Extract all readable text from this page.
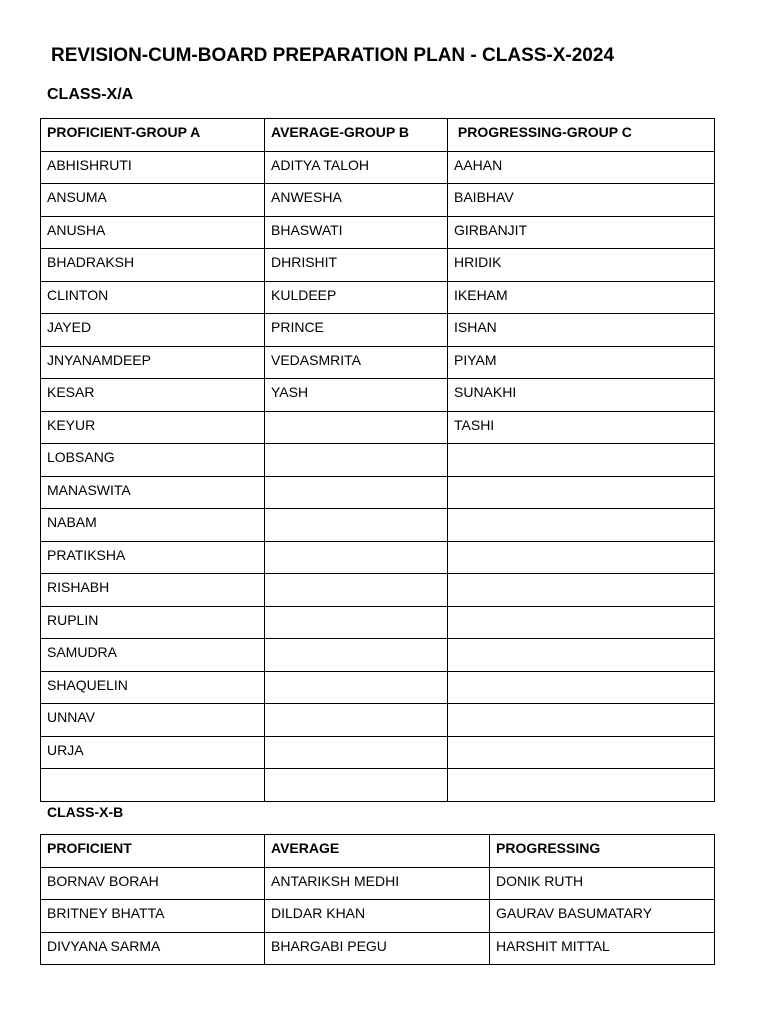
REVISION-CUM-BOARD PREPARATION PLAN - CLASS-X-2024
CLASS-X/A
PROFICIENT-GROUP A	AVERAGE-GROUP B	PROGRESSING-GROUP C
ABHISHRUTI	ADITYA TALOH	AAHAN
ANSUMA	ANWESHA	BAIBHAV
ANUSHA	BHASWATI	GIRBANJIT
BHADRAKSH	DHRISHIT	HRIDIK
CLINTON	KULDEEP	IKEHAM
JAYED	PRINCE	ISHAN
JNYANAMDEEP	VEDASMRITA	PIYAM
KESAR	YASH	SUNAKHI
KEYUR		TASHI
LOBSANG		
MANASWITA		
NABAM		
PRATIKSHA		
RISHABH		
RUPLIN		
SAMUDRA		
SHAQUELIN		
UNNAV		
URJA		

CLASS-X-B
PROFICIENT	AVERAGE	PROGRESSING
BORNAV BORAH	ANTARIKSH MEDHI	DONIK RUTH
BRITNEY BHATTA	DILDAR KHAN	GAURAV BASUMATARY
DIVYANA SARMA	BHARGABI PEGU	HARSHIT MITTAL
